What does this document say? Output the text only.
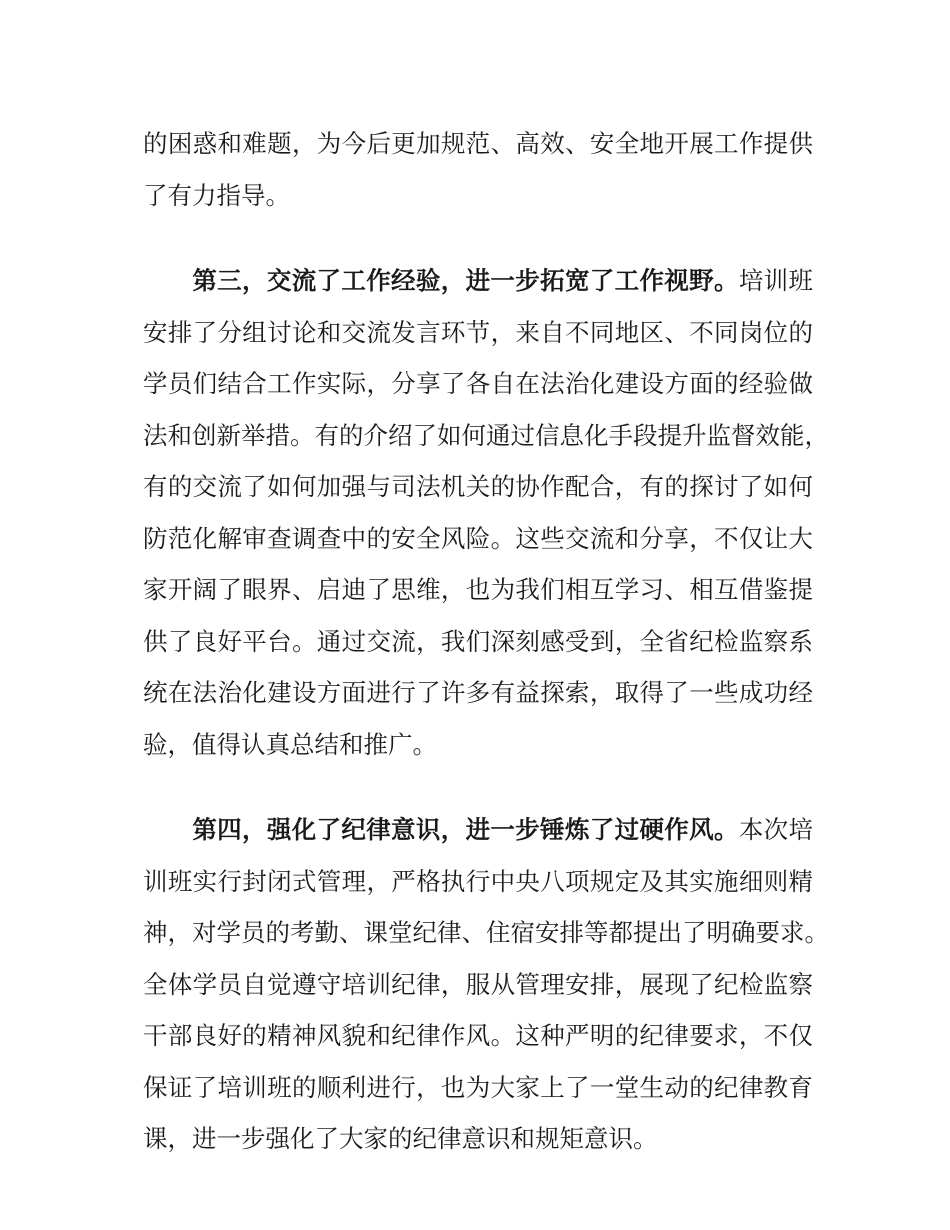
的困惑和难题，为今后更加规范、高效、安全地开展工作提供
了有力指导。
第三，交流了工作经验，进一步拓宽了工作视野。培训班
安排了分组讨论和交流发言环节，来自不同地区、不同岗位的
学员们结合工作实际，分享了各自在法治化建设方面的经验做
法和创新举措。有的介绍了如何通过信息化手段提升监督效能，
有的交流了如何加强与司法机关的协作配合，有的探讨了如何
防范化解审查调查中的安全风险。这些交流和分享，不仅让大
家开阔了眼界、启迪了思维，也为我们相互学习、相互借鉴提
供了良好平台。通过交流，我们深刻感受到，全省纪检监察系
统在法治化建设方面进行了许多有益探索，取得了一些成功经
验，值得认真总结和推广。
第四，强化了纪律意识，进一步锤炼了过硬作风。本次培
训班实行封闭式管理，严格执行中央八项规定及其实施细则精
神，对学员的考勤、课堂纪律、住宿安排等都提出了明确要求。
全体学员自觉遵守培训纪律，服从管理安排，展现了纪检监察
干部良好的精神风貌和纪律作风。这种严明的纪律要求，不仅
保证了培训班的顺利进行，也为大家上了一堂生动的纪律教育
课，进一步强化了大家的纪律意识和规矩意识。
